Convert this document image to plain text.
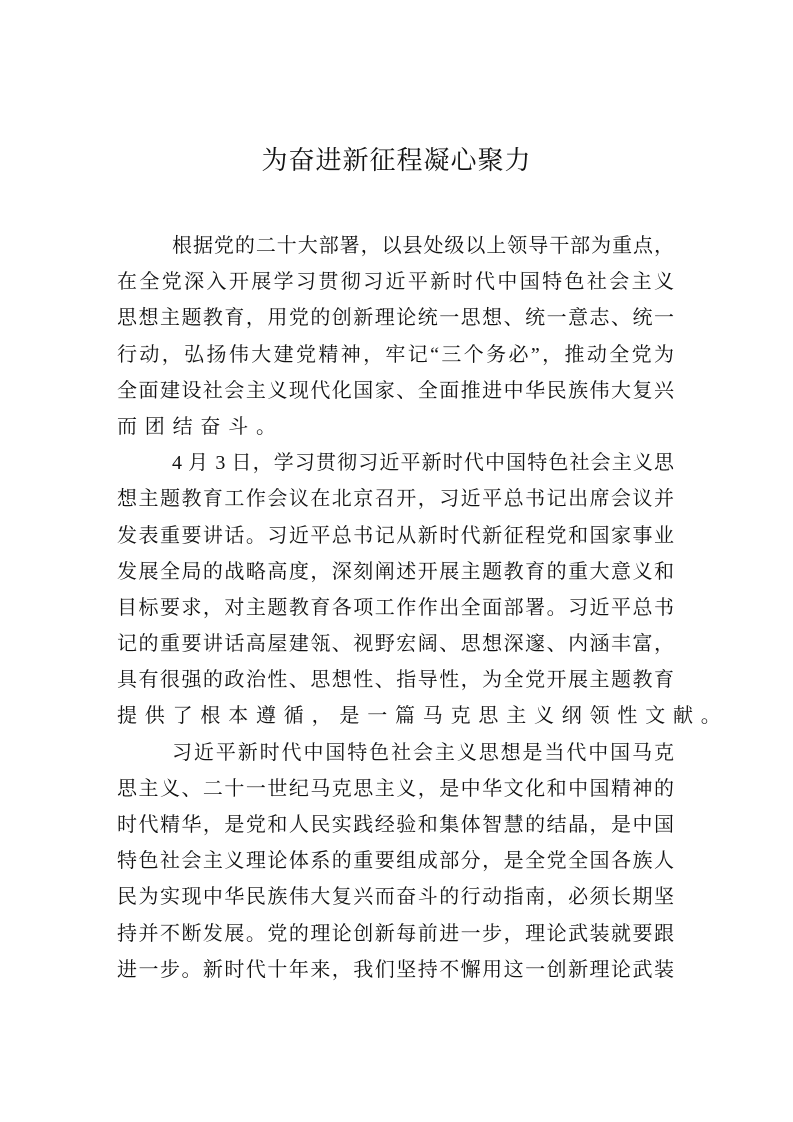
为奋进新征程凝心聚力
根据党的二十大部署，以县处级以上领导干部为重点，
在全党深入开展学习贯彻习近平新时代中国特色社会主义
思想主题教育，用党的创新理论统一思想、统一意志、统一
行动，弘扬伟大建党精神，牢记“三个务必”，推动全党为
全面建设社会主义现代化国家、全面推进中华民族伟大复兴
而团结奋斗。
4 月 3 日，学习贯彻习近平新时代中国特色社会主义思
想主题教育工作会议在北京召开，习近平总书记出席会议并
发表重要讲话。习近平总书记从新时代新征程党和国家事业
发展全局的战略高度，深刻阐述开展主题教育的重大意义和
目标要求，对主题教育各项工作作出全面部署。习近平总书
记的重要讲话高屋建瓴、视野宏阔、思想深邃、内涵丰富，
具有很强的政治性、思想性、指导性，为全党开展主题教育
提供了根本遵循，是一篇马克思主义纲领性文献。
习近平新时代中国特色社会主义思想是当代中国马克
思主义、二十一世纪马克思主义，是中华文化和中国精神的
时代精华，是党和人民实践经验和集体智慧的结晶，是中国
特色社会主义理论体系的重要组成部分，是全党全国各族人
民为实现中华民族伟大复兴而奋斗的行动指南，必须长期坚
持并不断发展。党的理论创新每前进一步，理论武装就要跟
进一步。新时代十年来，我们坚持不懈用这一创新理论武装
